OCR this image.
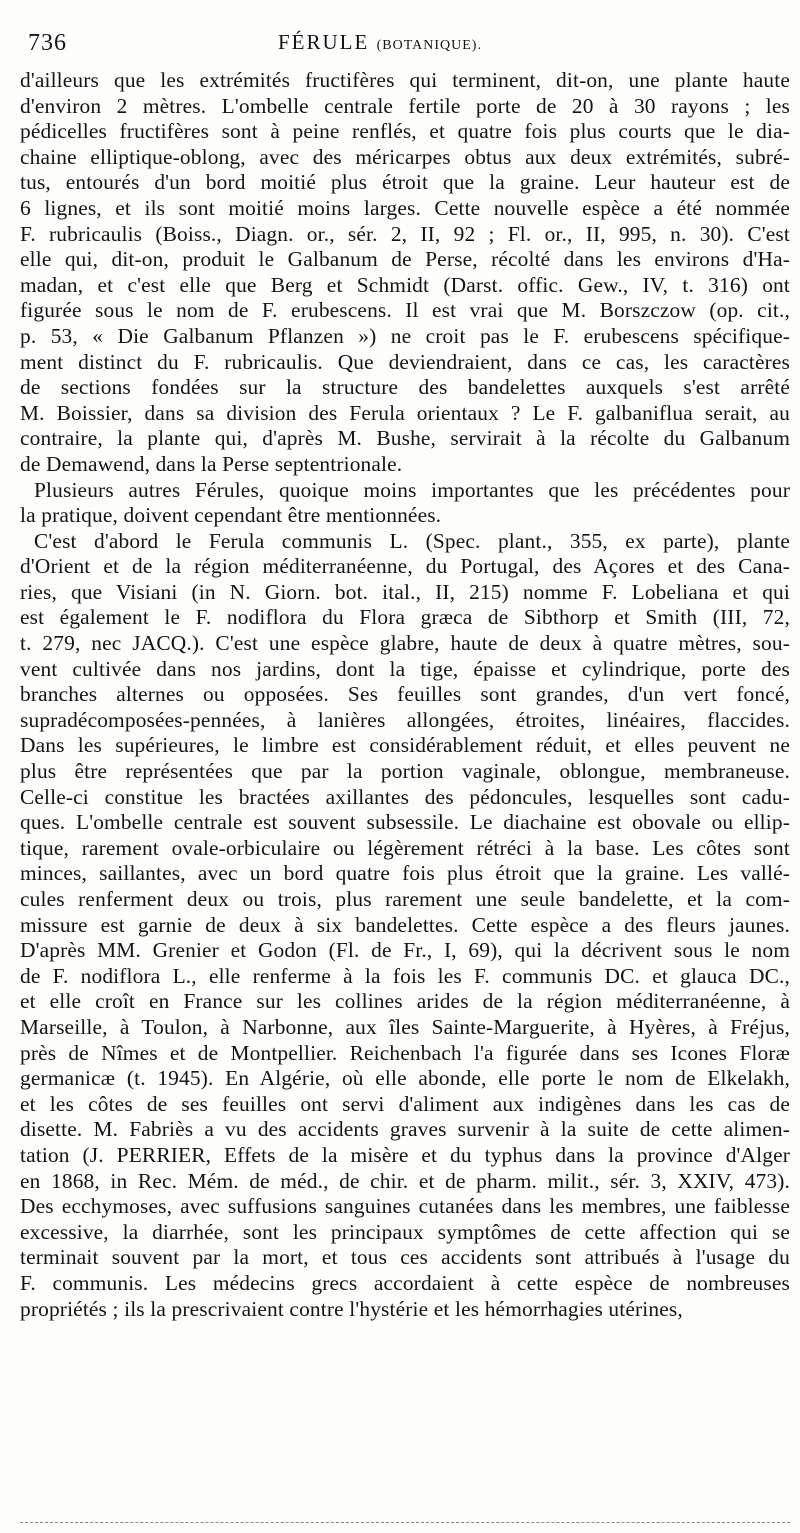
736	FÉRULE (BOTANIQUE).
d'ailleurs que les extrémités fructifères qui terminent, dit-on, une plante haute
d'environ 2 mètres. L'ombelle centrale fertile porte de 20 à 30 rayons ; les
pédicelles fructifères sont à peine renflés, et quatre fois plus courts que le dia-
chaine elliptique-oblong, avec des méricarpes obtus aux deux extrémités, subré-
tus, entourés d'un bord moitié plus étroit que la graine. Leur hauteur est de
6 lignes, et ils sont moitié moins larges. Cette nouvelle espèce a été nommée
F. rubricaulis (Boiss., Diagn. or., sér. 2, II, 92 ; Fl. or., II, 995, n. 30). C'est
elle qui, dit-on, produit le Galbanum de Perse, récolté dans les environs d'Ha-
madan, et c'est elle que Berg et Schmidt (Darst. offic. Gew., IV, t. 316) ont
figurée sous le nom de F. erubescens. Il est vrai que M. Borszczow (op. cit.,
p. 53, « Die Galbanum Pflanzen ») ne croit pas le F. erubescens spécifique-
ment distinct du F. rubricaulis. Que deviendraient, dans ce cas, les caractères
de sections fondées sur la structure des bandelettes auxquels s'est arrêté
M. Boissier, dans sa division des Ferula orientaux ? Le F. galbaniflua serait, au
contraire, la plante qui, d'après M. Bushe, servirait à la récolte du Galbanum
de Demawend, dans la Perse septentrionale.
Plusieurs autres Férules, quoique moins importantes que les précédentes pour
la pratique, doivent cependant être mentionnées.
C'est d'abord le Ferula communis L. (Spec. plant., 355, ex parte), plante
d'Orient et de la région méditerranéenne, du Portugal, des Açores et des Cana-
ries, que Visiani (in N. Giorn. bot. ital., II, 215) nomme F. Lobeliana et qui
est également le F. nodiflora du Flora græca de Sibthorp et Smith (III, 72,
t. 279, nec JACQ.). C'est une espèce glabre, haute de deux à quatre mètres, sou-
vent cultivée dans nos jardins, dont la tige, épaisse et cylindrique, porte des
branches alternes ou opposées. Ses feuilles sont grandes, d'un vert foncé,
supradécomposées-pennées, à lanières allongées, étroites, linéaires, flaccides.
Dans les supérieures, le limbre est considérablement réduit, et elles peuvent ne
plus être représentées que par la portion vaginale, oblongue, membraneuse.
Celle-ci constitue les bractées axillantes des pédoncules, lesquelles sont cadu-
ques. L'ombelle centrale est souvent subsessile. Le diachaine est obovale ou ellip-
tique, rarement ovale-orbiculaire ou légèrement rétréci à la base. Les côtes sont
minces, saillantes, avec un bord quatre fois plus étroit que la graine. Les vallé-
cules renferment deux ou trois, plus rarement une seule bandelette, et la com-
missure est garnie de deux à six bandelettes. Cette espèce a des fleurs jaunes.
D'après MM. Grenier et Godon (Fl. de Fr., I, 69), qui la décrivent sous le nom
de F. nodiflora L., elle renferme à la fois les F. communis DC. et glauca DC.,
et elle croît en France sur les collines arides de la région méditerranéenne, à
Marseille, à Toulon, à Narbonne, aux îles Sainte-Marguerite, à Hyères, à Fréjus,
près de Nîmes et de Montpellier. Reichenbach l'a figurée dans ses Icones Floræ
germanicæ (t. 1945). En Algérie, où elle abonde, elle porte le nom de Elkelakh,
et les côtes de ses feuilles ont servi d'aliment aux indigènes dans les cas de
disette. M. Fabriès a vu des accidents graves survenir à la suite de cette alimen-
tation (J. PERRIER, Effets de la misère et du typhus dans la province d'Alger
en 1868, in Rec. Mém. de méd., de chir. et de pharm. milit., sér. 3, XXIV, 473).
Des ecchymoses, avec suffusions sanguines cutanées dans les membres, une faiblesse
excessive, la diarrhée, sont les principaux symptômes de cette affection qui se
terminait souvent par la mort, et tous ces accidents sont attribués à l'usage du
F. communis. Les médecins grecs accordaient à cette espèce de nombreuses
propriétés ; ils la prescrivaient contre l'hystérie et les hémorrhagies utérines,
